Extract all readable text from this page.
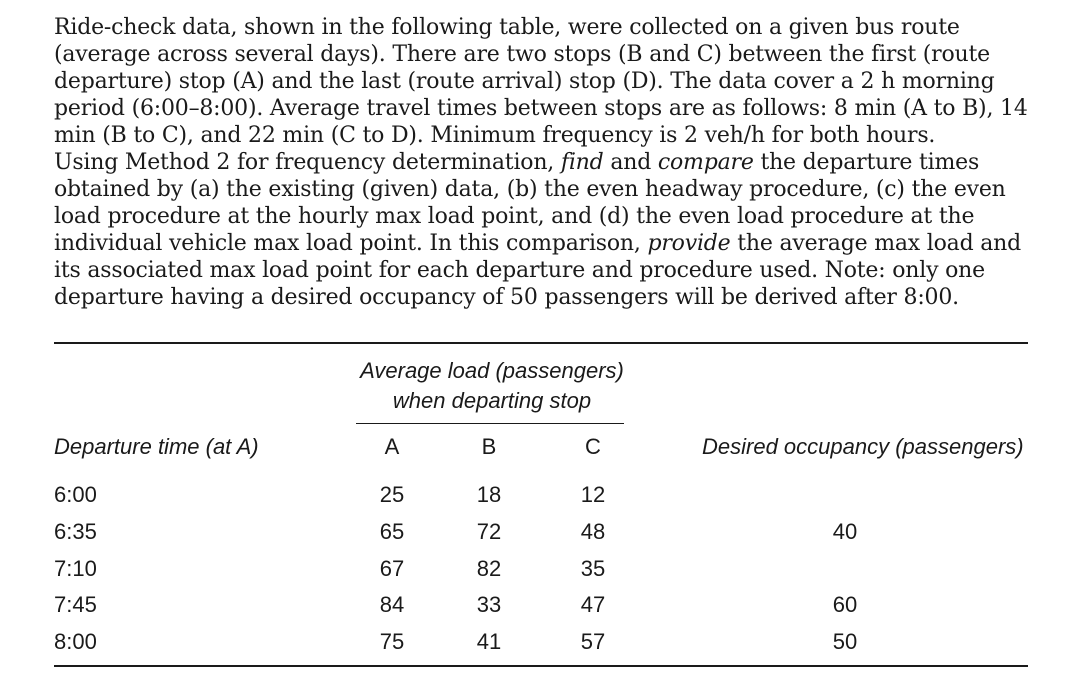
Ride-check data, shown in the following table, were collected on a given bus route (average across several days). There are two stops (B and C) between the first (route departure) stop (A) and the last (route arrival) stop (D). The data cover a 2 h morning period (6:00–8:00). Average travel times between stops are as follows: 8 min (A to B), 14 min (B to C), and 22 min (C to D). Minimum frequency is 2 veh/h for both hours.

Using Method 2 for frequency determination, find and compare the departure times obtained by (a) the existing (given) data, (b) the even headway procedure, (c) the even load procedure at the hourly max load point, and (d) the even load procedure at the individual vehicle max load point. In this comparison, provide the average max load and its associated max load point for each departure and procedure used. Note: only one departure having a desired occupancy of 50 passengers will be derived after 8:00.

Average load (passengers)
when departing stop
Departure time (at A)	A	B	C	Desired occupancy (passengers)
6:00	25	18	12
6:35	65	72	48	40
7:10	67	82	35
7:45	84	33	47	60
8:00	75	41	57	50
